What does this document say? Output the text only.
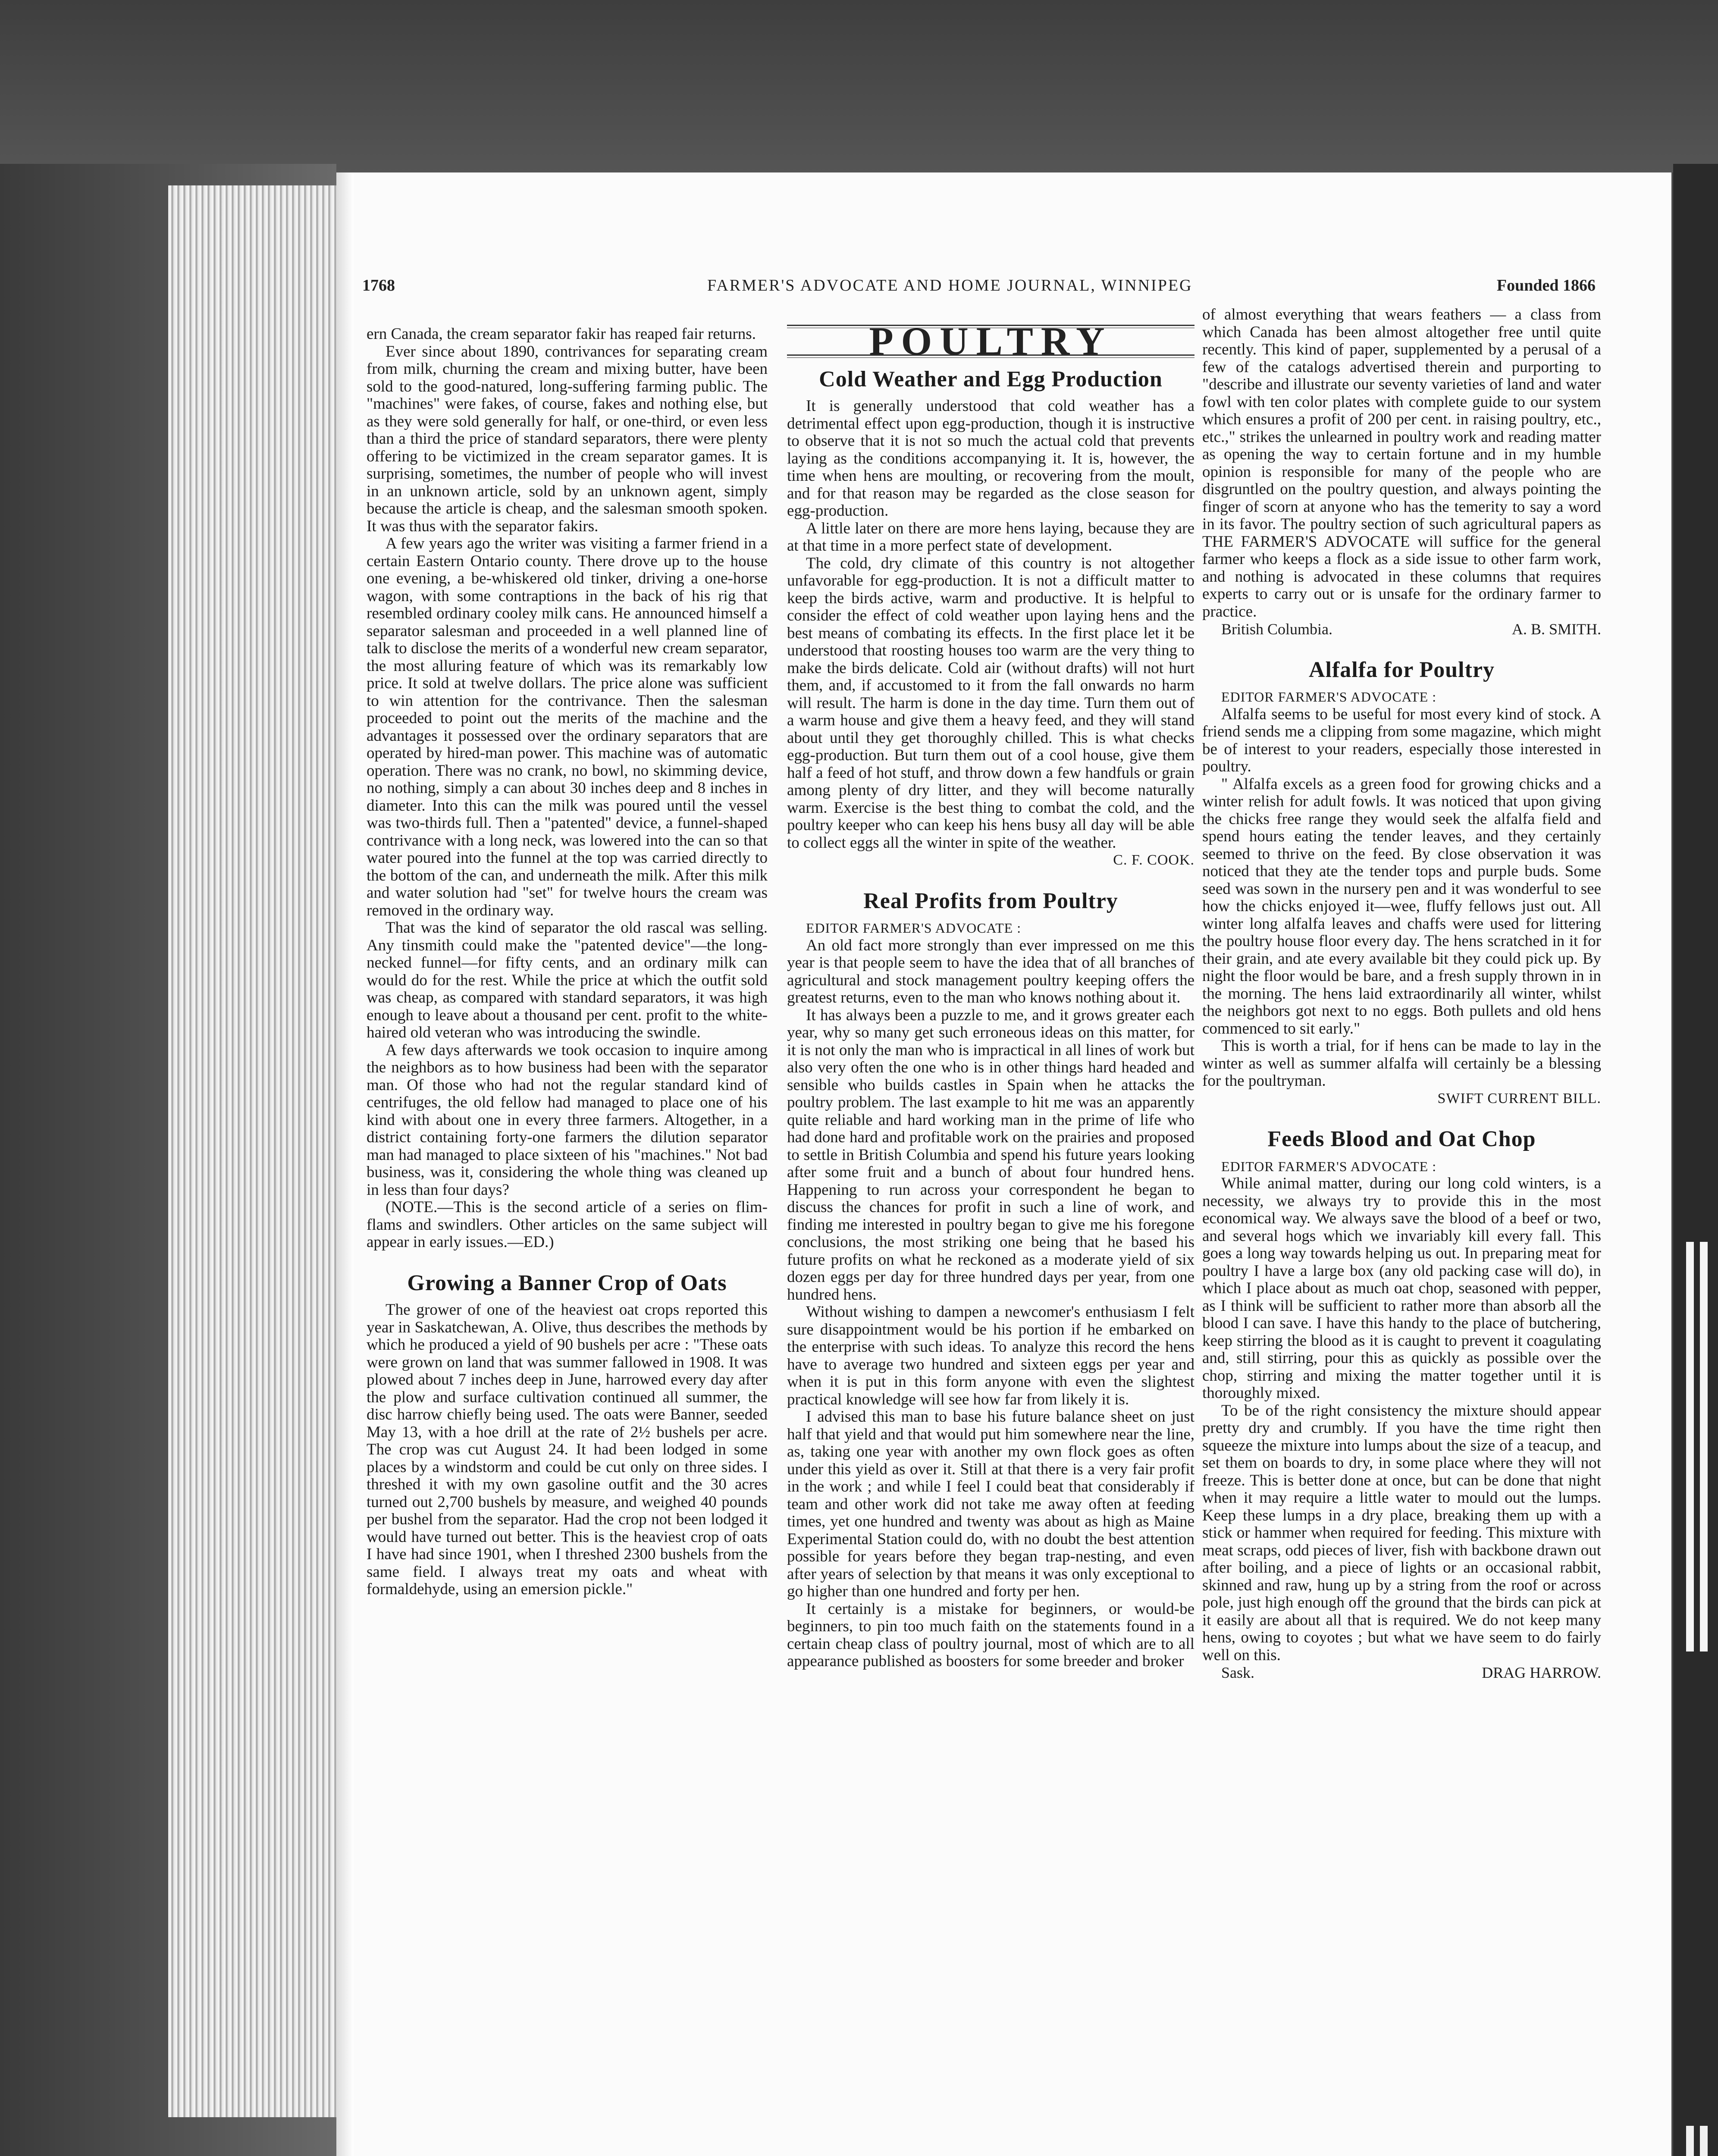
1768	FARMER'S ADVOCATE AND HOME JOURNAL, WINNIPEG	Founded 1866

ern Canada, the cream separator fakir has reaped fair returns.

Ever since about 1890, contrivances for separating cream from milk, churning the cream and mixing butter, have been sold to the good-natured, long-suffering farming public. The "machines" were fakes, of course, fakes and nothing else, but as they were sold generally for half, or one-third, or even less than a third the price of standard separators, there were plenty offering to be victimized in the cream separator games. It is surprising, sometimes, the number of people who will invest in an unknown article, sold by an unknown agent, simply because the article is cheap, and the salesman smooth spoken. It was thus with the separator fakirs.

A few years ago the writer was visiting a farmer friend in a certain Eastern Ontario county. There drove up to the house one evening, a be-whiskered old tinker, driving a one-horse wagon, with some contraptions in the back of his rig that resembled ordinary cooley milk cans. He announced himself a separator salesman and proceeded in a well planned line of talk to disclose the merits of a wonderful new cream separator, the most alluring feature of which was its remarkably low price. It sold at twelve dollars. The price alone was sufficient to win attention for the contrivance. Then the salesman proceeded to point out the merits of the machine and the advantages it possessed over the ordinary separators that are operated by hired-man power. This machine was of automatic operation. There was no crank, no bowl, no skimming device, no nothing, simply a can about 30 inches deep and 8 inches in diameter. Into this can the milk was poured until the vessel was two-thirds full. Then a "patented" device, a funnel-shaped contrivance with a long neck, was lowered into the can so that water poured into the funnel at the top was carried directly to the bottom of the can, and underneath the milk. After this milk and water solution had "set" for twelve hours the cream was removed in the ordinary way.

That was the kind of separator the old rascal was selling. Any tinsmith could make the "patented device"—the long-necked funnel—for fifty cents, and an ordinary milk can would do for the rest. While the price at which the outfit sold was cheap, as compared with standard separators, it was high enough to leave about a thousand per cent. profit to the white-haired old veteran who was introducing the swindle.

A few days afterwards we took occasion to inquire among the neighbors as to how business had been with the separator man. Of those who had not the regular standard kind of centrifuges, the old fellow had managed to place one of his kind with about one in every three farmers. Altogether, in a district containing forty-one farmers the dilution separator man had managed to place sixteen of his "machines." Not bad business, was it, considering the whole thing was cleaned up in less than four days?

(NOTE.—This is the second article of a series on flim-flams and swindlers. Other articles on the same subject will appear in early issues.—ED.)

Growing a Banner Crop of Oats

The grower of one of the heaviest oat crops reported this year in Saskatchewan, A. Olive, thus describes the methods by which he produced a yield of 90 bushels per acre : "These oats were grown on land that was summer fallowed in 1908. It was plowed about 7 inches deep in June, harrowed every day after the plow and surface cultivation continued all summer, the disc harrow chiefly being used. The oats were Banner, seeded May 13, with a hoe drill at the rate of 2½ bushels per acre. The crop was cut August 24. It had been lodged in some places by a windstorm and could be cut only on three sides. I threshed it with my own gasoline outfit and the 30 acres turned out 2,700 bushels by measure, and weighed 40 pounds per bushel from the separator. Had the crop not been lodged it would have turned out better. This is the heaviest crop of oats I have had since 1901, when I threshed 2300 bushels from the same field. I always treat my oats and wheat with formaldehyde, using an emersion pickle."

POULTRY
Cold Weather and Egg Production

It is generally understood that cold weather has a detrimental effect upon egg-production, though it is instructive to observe that it is not so much the actual cold that prevents laying as the conditions accompanying it. It is, however, the time when hens are moulting, or recovering from the moult, and for that reason may be regarded as the close season for egg-production.

A little later on there are more hens laying, because they are at that time in a more perfect state of development.

The cold, dry climate of this country is not altogether unfavorable for egg-production. It is not a difficult matter to keep the birds active, warm and productive. It is helpful to consider the effect of cold weather upon laying hens and the best means of combating its effects. In the first place let it be understood that roosting houses too warm are the very thing to make the birds delicate. Cold air (without drafts) will not hurt them, and, if accustomed to it from the fall onwards no harm will result. The harm is done in the day time. Turn them out of a warm house and give them a heavy feed, and they will stand about until they get thoroughly chilled. This is what checks egg-production. But turn them out of a cool house, give them half a feed of hot stuff, and throw down a few handfuls or grain among plenty of dry litter, and they will become naturally warm. Exercise is the best thing to combat the cold, and the poultry keeper who can keep his hens busy all day will be able to collect eggs all the winter in spite of the weather.

C. F. COOK.
Real Profits from Poultry

EDITOR FARMER'S ADVOCATE :

An old fact more strongly than ever impressed on me this year is that people seem to have the idea that of all branches of agricultural and stock management poultry keeping offers the greatest returns, even to the man who knows nothing about it.

It has always been a puzzle to me, and it grows greater each year, why so many get such erroneous ideas on this matter, for it is not only the man who is impractical in all lines of work but also very often the one who is in other things hard headed and sensible who builds castles in Spain when he attacks the poultry problem. The last example to hit me was an apparently quite reliable and hard working man in the prime of life who had done hard and profitable work on the prairies and proposed to settle in British Columbia and spend his future years looking after some fruit and a bunch of about four hundred hens. Happening to run across your correspondent he began to discuss the chances for profit in such a line of work, and finding me interested in poultry began to give me his foregone conclusions, the most striking one being that he based his future profits on what he reckoned as a moderate yield of six dozen eggs per day for three hundred days per year, from one hundred hens.

Without wishing to dampen a newcomer's enthusiasm I felt sure disappointment would be his portion if he embarked on the enterprise with such ideas. To analyze this record the hens have to average two hundred and sixteen eggs per year and when it is put in this form anyone with even the slightest practical knowledge will see how far from likely it is.

I advised this man to base his future balance sheet on just half that yield and that would put him somewhere near the line, as, taking one year with another my own flock goes as often under this yield as over it. Still at that there is a very fair profit in the work ; and while I feel I could beat that considerably if team and other work did not take me away often at feeding times, yet one hundred and twenty was about as high as Maine Experimental Station could do, with no doubt the best attention possible for years before they began trap-nesting, and even after years of selection by that means it was only exceptional to go higher than one hundred and forty per hen.

It certainly is a mistake for beginners, or would-be beginners, to pin too much faith on the statements found in a certain cheap class of poultry journal, most of which are to all appearance published as boosters for some breeder and broker

of almost everything that wears feathers — a class from which Canada has been almost altogether free until quite recently. This kind of paper, supplemented by a perusal of a few of the catalogs advertised therein and purporting to "describe and illustrate our seventy varieties of land and water fowl with ten color plates with complete guide to our system which ensures a profit of 200 per cent. in raising poultry, etc., etc.," strikes the unlearned in poultry work and reading matter as opening the way to certain fortune and in my humble opinion is responsible for many of the people who are disgruntled on the poultry question, and always pointing the finger of scorn at anyone who has the temerity to say a word in its favor. The poultry section of such agricultural papers as THE FARMER'S ADVOCATE will suffice for the general farmer who keeps a flock as a side issue to other farm work, and nothing is advocated in these columns that requires experts to carry out or is unsafe for the ordinary farmer to practice.

British Columbia.	A. B. SMITH.
Alfalfa for Poultry

EDITOR FARMER'S ADVOCATE :

Alfalfa seems to be useful for most every kind of stock. A friend sends me a clipping from some magazine, which might be of interest to your readers, especially those interested in poultry.

" Alfalfa excels as a green food for growing chicks and a winter relish for adult fowls. It was noticed that upon giving the chicks free range they would seek the alfalfa field and spend hours eating the tender leaves, and they certainly seemed to thrive on the feed. By close observation it was noticed that they ate the tender tops and purple buds. Some seed was sown in the nursery pen and it was wonderful to see how the chicks enjoyed it—wee, fluffy fellows just out. All winter long alfalfa leaves and chaffs were used for littering the poultry house floor every day. The hens scratched in it for their grain, and ate every available bit they could pick up. By night the floor would be bare, and a fresh supply thrown in in the morning. The hens laid extraordinarily all winter, whilst the neighbors got next to no eggs. Both pullets and old hens commenced to sit early."

This is worth a trial, for if hens can be made to lay in the winter as well as summer alfalfa will certainly be a blessing for the poultryman.

SWIFT CURRENT BILL.
Feeds Blood and Oat Chop

EDITOR FARMER'S ADVOCATE :

While animal matter, during our long cold winters, is a necessity, we always try to provide this in the most economical way. We always save the blood of a beef or two, and several hogs which we invariably kill every fall. This goes a long way towards helping us out. In preparing meat for poultry I have a large box (any old packing case will do), in which I place about as much oat chop, seasoned with pepper, as I think will be sufficient to rather more than absorb all the blood I can save. I have this handy to the place of butchering, keep stirring the blood as it is caught to prevent it coagulating and, still stirring, pour this as quickly as possible over the chop, stirring and mixing the matter together until it is thoroughly mixed.

To be of the right consistency the mixture should appear pretty dry and crumbly. If you have the time right then squeeze the mixture into lumps about the size of a teacup, and set them on boards to dry, in some place where they will not freeze. This is better done at once, but can be done that night when it may require a little water to mould out the lumps. Keep these lumps in a dry place, breaking them up with a stick or hammer when required for feeding. This mixture with meat scraps, odd pieces of liver, fish with backbone drawn out after boiling, and a piece of lights or an occasional rabbit, skinned and raw, hung up by a string from the roof or across pole, just high enough off the ground that the birds can pick at it easily are about all that is required. We do not keep many hens, owing to coyotes ; but what we have seem to do fairly well on this.

Sask.	DRAG HARROW.
